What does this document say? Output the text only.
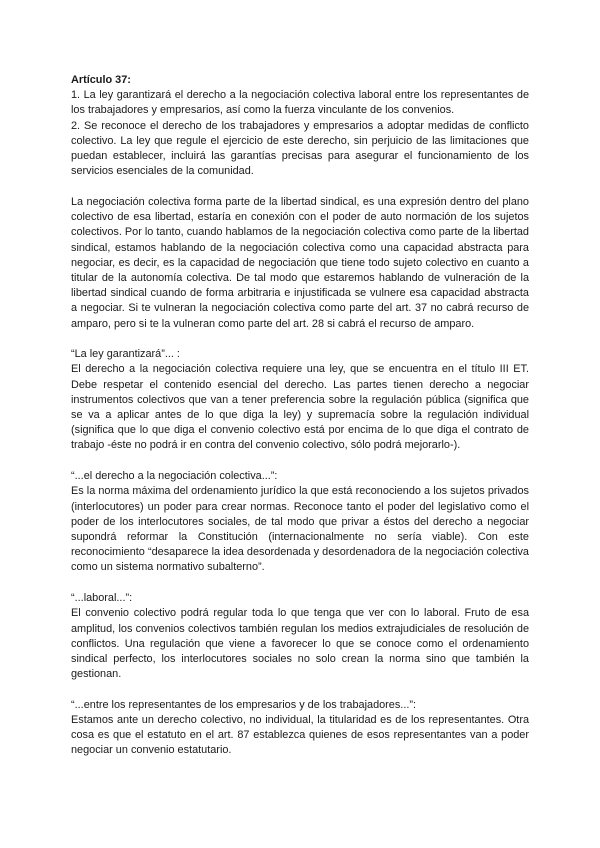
Artículo 37:

1. La ley garantizará el derecho a la negociación colectiva laboral entre los representantes de los trabajadores y empresarios, así como la fuerza vinculante de los convenios.

2. Se reconoce el derecho de los trabajadores y empresarios a adoptar medidas de conflicto colectivo. La ley que regule el ejercicio de este derecho, sin perjuicio de las limitaciones que puedan establecer, incluirá las garantías precisas para asegurar el funcionamiento de los servicios esenciales de la comunidad.

La negociación colectiva forma parte de la libertad sindical, es una expresión dentro del plano colectivo de esa libertad, estaría en conexión con el poder de auto normación de los sujetos colectivos. Por lo tanto, cuando hablamos de la negociación colectiva como parte de la libertad sindical, estamos hablando de la negociación colectiva como una capacidad abstracta para negociar, es decir, es la capacidad de negociación que tiene todo sujeto colectivo en cuanto a titular de la autonomía colectiva. De tal modo que estaremos hablando de vulneración de la libertad sindical cuando de forma arbitraria e injustificada se vulnere esa capacidad abstracta a negociar. Si te vulneran la negociación colectiva como parte del art. 37 no cabrá recurso de amparo, pero si te la vulneran como parte del art. 28 si cabrá el recurso de amparo.

“La ley garantizará”... :

El derecho a la negociación colectiva requiere una ley, que se encuentra en el título III ET. Debe respetar el contenido esencial del derecho. Las partes tienen derecho a negociar instrumentos colectivos que van a tener preferencia sobre la regulación pública (significa que se va a aplicar antes de lo que diga la ley) y supremacía sobre la regulación individual (significa que lo que diga el convenio colectivo está por encima de lo que diga el contrato de trabajo -éste no podrá ir en contra del convenio colectivo, sólo podrá mejorarlo-).

“...el derecho a la negociación colectiva...”:

Es la norma máxima del ordenamiento jurídico la que está reconociendo a los sujetos privados (interlocutores) un poder para crear normas. Reconoce tanto el poder del legislativo como el poder de los interlocutores sociales, de tal modo que privar a éstos del derecho a negociar supondrá reformar la Constitución (internacionalmente no sería viable). Con este reconocimiento “desaparece la idea desordenada y desordenadora de la negociación colectiva como un sistema normativo subalterno”.

“...laboral...”:

El convenio colectivo podrá regular toda lo que tenga que ver con lo laboral. Fruto de esa amplitud, los convenios colectivos también regulan los medios extrajudiciales de resolución de conflictos. Una regulación que viene a favorecer lo que se conoce como el ordenamiento sindical perfecto, los interlocutores sociales no solo crean la norma sino que también la gestionan.

“...entre los representantes de los empresarios y de los trabajadores...”:

Estamos ante un derecho colectivo, no individual, la titularidad es de los representantes. Otra cosa es que el estatuto en el art. 87 establezca quienes de esos representantes van a poder negociar un convenio estatutario.
